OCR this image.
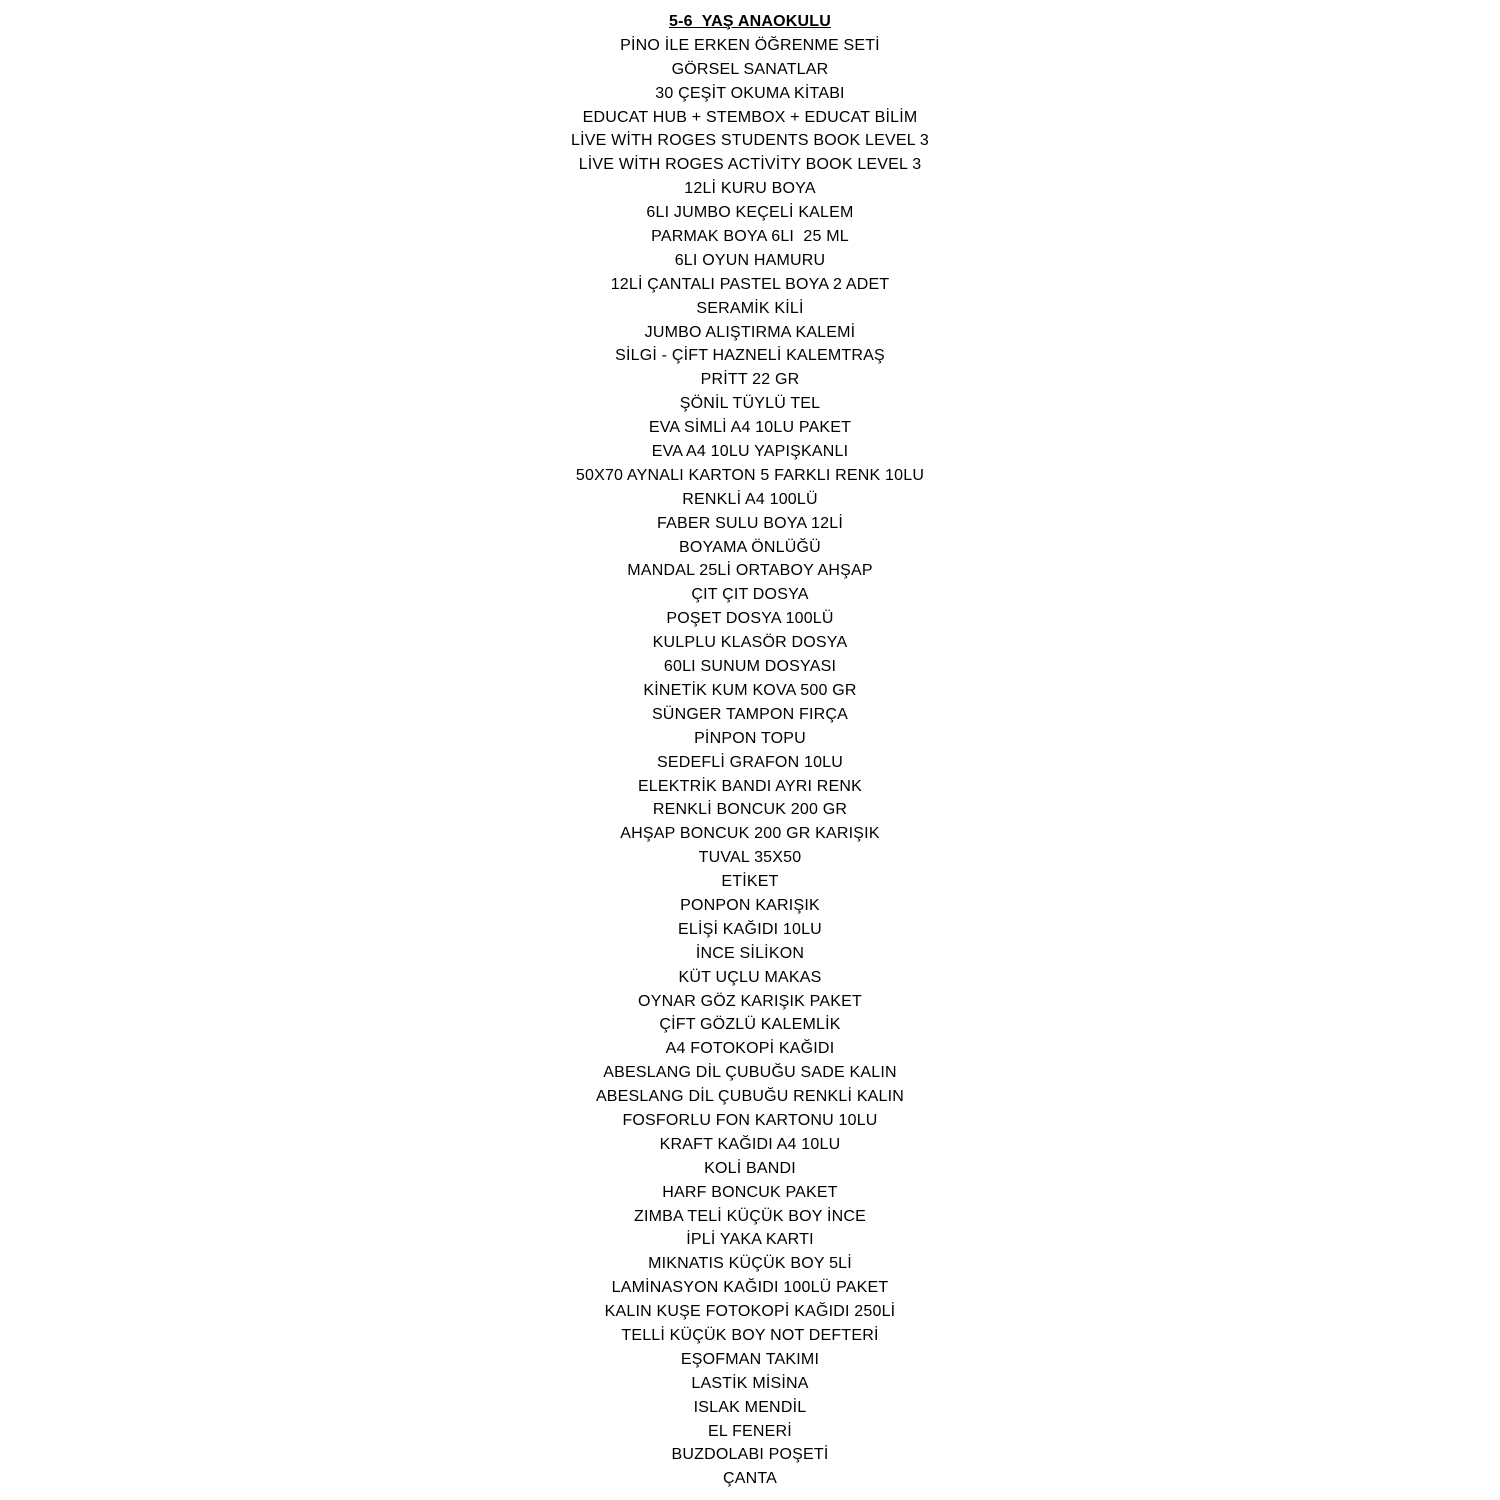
5-6  YAŞ ANAOKULU
PİNO İLE ERKEN ÖĞRENME SETİ
GÖRSEL SANATLAR
30 ÇEŞİT OKUMA KİTABI
EDUCAT HUB + STEMBOX + EDUCAT BİLİM
LİVE WİTH ROGES STUDENTS BOOK LEVEL 3
LİVE WİTH ROGES ACTİVİTY BOOK LEVEL 3
12Lİ KURU BOYA
6LI JUMBO KEÇELİ KALEM
PARMAK BOYA 6LI  25 ML
6LI OYUN HAMURU
12Lİ ÇANTALI PASTEL BOYA 2 ADET
SERAMİK KİLİ
JUMBO ALIŞTIRMA KALEMİ
SİLGİ - ÇİFT HAZNELİ KALEMTRAŞ
PRİTT 22 GR
ŞÖNİL TÜYLÜ TEL
EVA SİMLİ A4 10LU PAKET
EVA A4 10LU YAPIŞKANLI
50X70 AYNALI KARTON 5 FARKLI RENK 10LU
RENKLİ A4 100LÜ
FABER SULU BOYA 12Lİ
BOYAMA ÖNLÜĞÜ
MANDAL 25Lİ ORTABOY AHŞAP
ÇIT ÇIT DOSYA
POŞET DOSYA 100LÜ
KULPLU KLASÖR DOSYA
60LI SUNUM DOSYASI
KİNETİK KUM KOVA 500 GR
SÜNGER TAMPON FIRÇA
PİNPON TOPU
SEDEFLİ GRAFON 10LU
ELEKTRİK BANDI AYRI RENK
RENKLİ BONCUK 200 GR
AHŞAP BONCUK 200 GR KARIŞIK
TUVAL 35X50
ETİKET
PONPON KARIŞIK
ELİŞİ KAĞIDI 10LU
İNCE SİLİKON
KÜT UÇLU MAKAS
OYNAR GÖZ KARIŞIK PAKET
ÇİFT GÖZLÜ KALEMLİK
A4 FOTOKOPİ KAĞIDI
ABESLANG DİL ÇUBUĞU SADE KALIN
ABESLANG DİL ÇUBUĞU RENKLİ KALIN
FOSFORLU FON KARTONU 10LU
KRAFT KAĞIDI A4 10LU
KOLİ BANDI
HARF BONCUK PAKET
ZIMBA TELİ KÜÇÜK BOY İNCE
İPLİ YAKA KARTI
MIKNATIS KÜÇÜK BOY 5Lİ
LAMİNASYON KAĞIDI 100LÜ PAKET
KALIN KUŞE FOTOKOPİ KAĞIDI 250Lİ
TELLİ KÜÇÜK BOY NOT DEFTERİ
EŞOFMAN TAKIMI
LASTİK MİSİNA
ISLAK MENDİL
EL FENERİ
BUZDOLABI POŞETİ
ÇANTA
